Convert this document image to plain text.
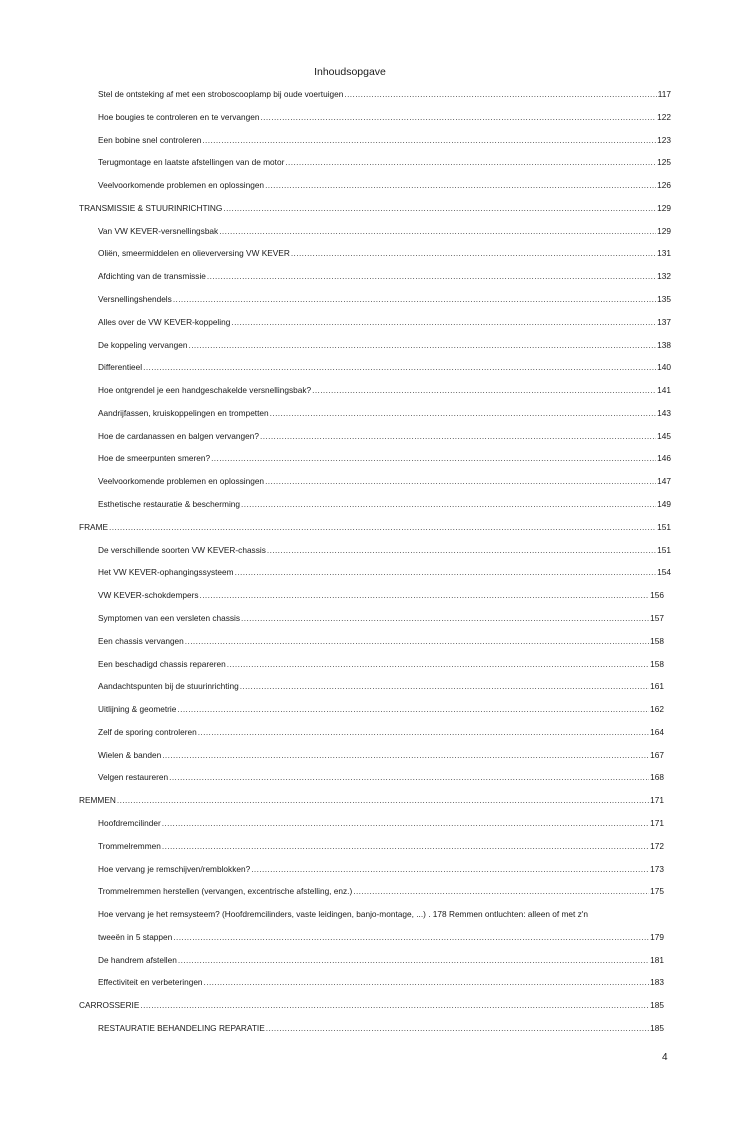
Inhoudsopgave
Stel de ontsteking af met een stroboscooplamp bij oude voertuigen .....	117
Hoe bougies te controleren en te vervangen .....	122
Een bobine snel controleren .....	123
Terugmontage en laatste afstellingen van de motor .....	125
Veelvoorkomende problemen en oplossingen .....	126
TRANSMISSIE & STUURINRICHTING .....	129
Van VW KEVER-versnellingsbak .....	129
Oliën, smeermiddelen en olieverversing VW KEVER .....	131
Afdichting van de transmissie .....	132
Versnellingshendels .....	135
Alles over de VW KEVER-koppeling .....	137
De koppeling vervangen .....	138
Differentieel .....	140
Hoe ontgrendel je een handgeschakelde versnellingsbak? .....	141
Aandrijfassen, kruiskoppelingen en trompetten .....	143
Hoe de cardanassen en balgen vervangen? .....	145
Hoe de smeerpunten smeren? .....	146
Veelvoorkomende problemen en oplossingen .....	147
Esthetische restauratie & bescherming .....	149
FRAME .....	151
De verschillende soorten VW KEVER-chassis .....	151
Het VW KEVER-ophangingssysteem .....	154
VW KEVER-schokdempers .....	156
Symptomen van een versleten chassis .....	157
Een chassis vervangen .....	158
Een beschadigd chassis repareren .....	158
Aandachtspunten bij de stuurinrichting .....	161
Uitlijning & geometrie .....	162
Zelf de sporing controleren .....	164
Wielen & banden .....	167
Velgen restaureren .....	168
REMMEN .....	171
Hoofdremcilinder .....	171
Trommelremmen .....	172
Hoe vervang je remschijven/remblokken? .....	173
Trommelremmen herstellen (vervangen, excentrische afstelling, enz.) .....	175
Hoe vervang je het remsysteem? (Hoofdremcilinders, vaste leidingen, banjo-montage, ...) . 178 Remmen ontluchten: alleen of met z'n
tweeën in 5 stappen .....	179
De handrem afstellen .....	181
Effectiviteit en verbeteringen .....	183
CARROSSERIE .....	185
RESTAURATIE BEHANDELING REPARATIE .....	185
4
